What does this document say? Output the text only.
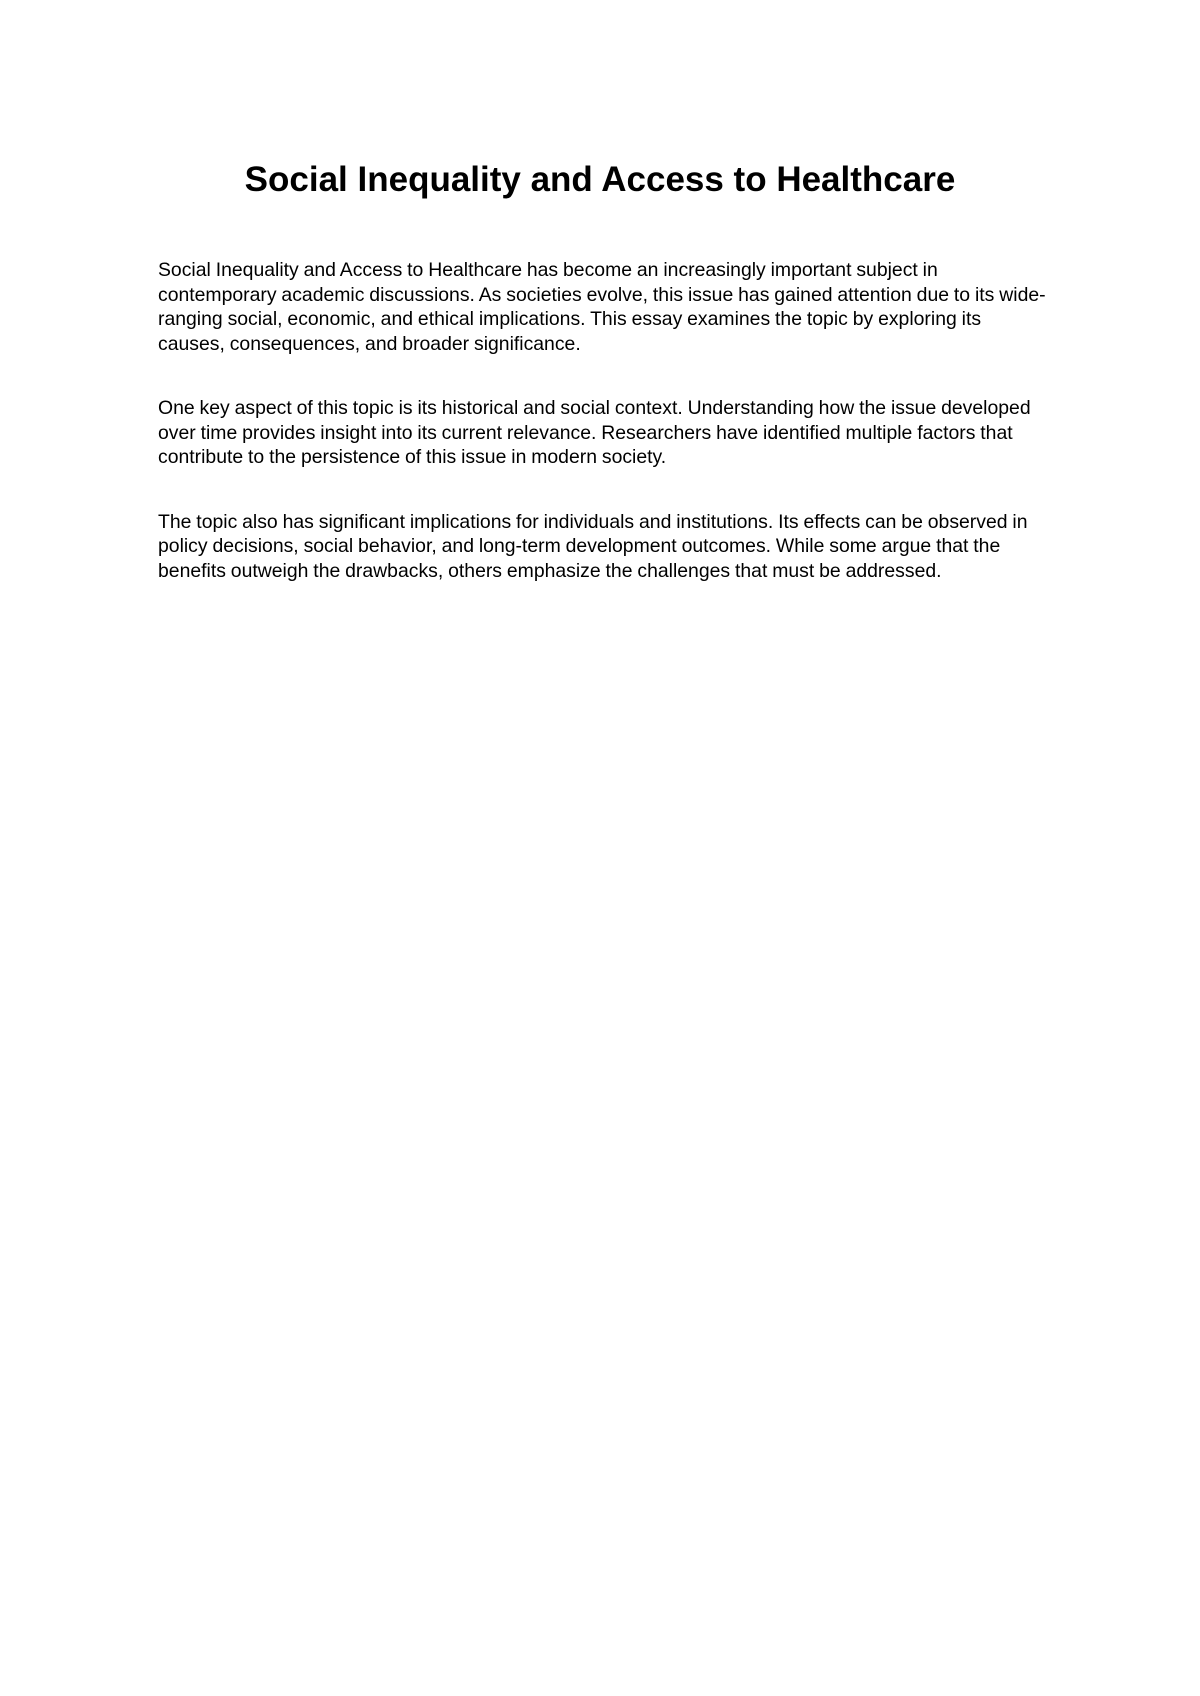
Social Inequality and Access to Healthcare

Social Inequality and Access to Healthcare has become an increasingly important subject in contemporary academic discussions. As societies evolve, this issue has gained attention due to its wide-ranging social, economic, and ethical implications. This essay examines the topic by exploring its causes, consequences, and broader significance.

One key aspect of this topic is its historical and social context. Understanding how the issue developed over time provides insight into its current relevance. Researchers have identified multiple factors that contribute to the persistence of this issue in modern society.

The topic also has significant implications for individuals and institutions. Its effects can be observed in policy decisions, social behavior, and long-term development outcomes. While some argue that the benefits outweigh the drawbacks, others emphasize the challenges that must be addressed.
